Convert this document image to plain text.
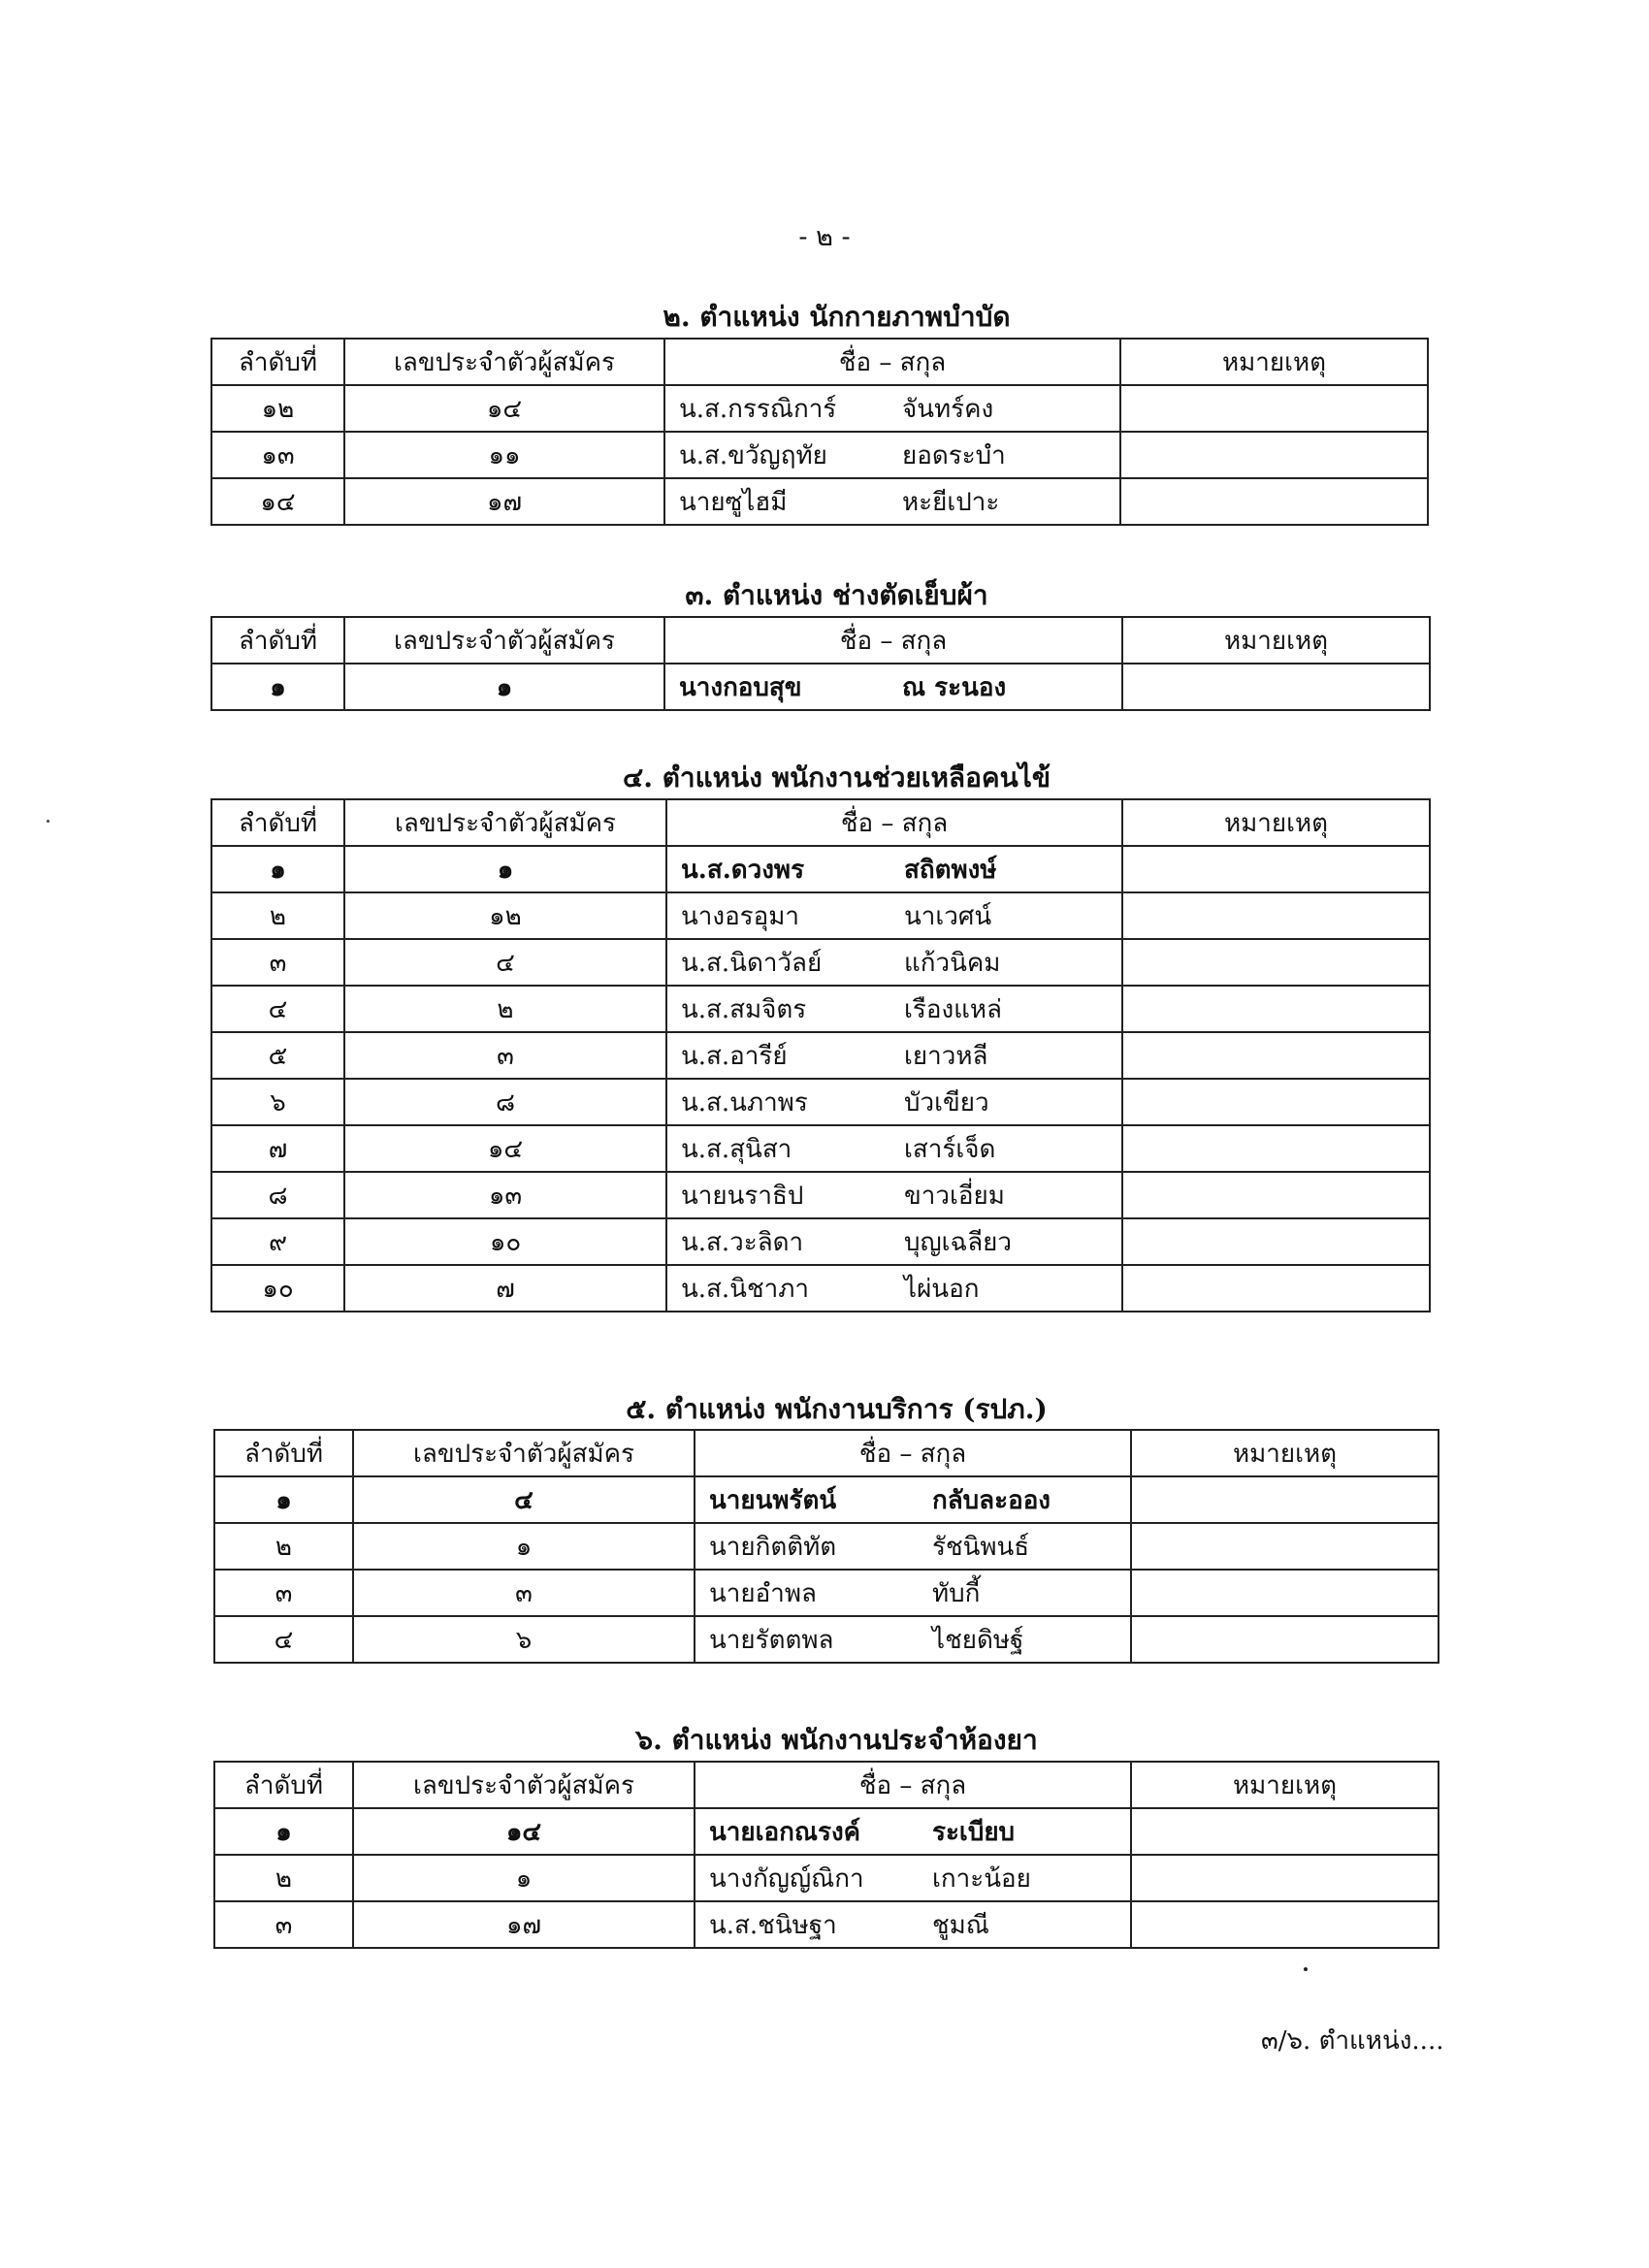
- ๒ -
๒. ตำแหน่ง นักกายภาพบำบัด
ลำดับที่	เลขประจำตัวผู้สมัคร	ชื่อ – สกุล	หมายเหตุ
๑๒	๑๔	น.ส.กรรณิการ์ จันทร์คง	
๑๓	๑๑	น.ส.ขวัญฤทัย ยอดระบำ	
๑๔	๑๗	นายซูไฮมี หะยีเปาะ	
๓. ตำแหน่ง ช่างตัดเย็บผ้า
ลำดับที่	เลขประจำตัวผู้สมัคร	ชื่อ – สกุล	หมายเหตุ
๑	๑	นางกอบสุข ณ ระนอง	
๔. ตำแหน่ง พนักงานช่วยเหลือคนไข้
ลำดับที่	เลขประจำตัวผู้สมัคร	ชื่อ – สกุล	หมายเหตุ
๑	๑	น.ส.ดวงพร สถิตพงษ์	
๒	๑๒	นางอรอุมา นาเวศน์	
๓	๔	น.ส.นิดาวัลย์ แก้วนิคม	
๔	๒	น.ส.สมจิตร เรืองแหล่	
๕	๓	น.ส.อารีย์ เยาวหลี	
๖	๘	น.ส.นภาพร บัวเขียว	
๗	๑๔	น.ส.สุนิสา เสาร์เจ็ด	
๘	๑๓	นายนราธิป ขาวเอี่ยม	
๙	๑๐	น.ส.วะลิดา บุญเฉลียว	
๑๐	๗	น.ส.นิชาภา ไผ่นอก	
๕. ตำแหน่ง พนักงานบริการ (รปภ.)
ลำดับที่	เลขประจำตัวผู้สมัคร	ชื่อ – สกุล	หมายเหตุ
๑	๔	นายนพรัตน์ กลับละออง	
๒	๑	นายกิตติทัต รัชนิพนธ์	
๓	๓	นายอำพล ทับกี้	
๔	๖	นายรัตตพล ไชยดิษฐ์	
๖. ตำแหน่ง พนักงานประจำห้องยา
ลำดับที่	เลขประจำตัวผู้สมัคร	ชื่อ – สกุล	หมายเหตุ
๑	๑๔	นายเอกณรงค์ ระเบียบ	
๒	๑	นางกัญญ์ณิกา เกาะน้อย	
๓	๑๗	น.ส.ชนิษฐา ชูมณี	
๓/๖. ตำแหน่ง....
